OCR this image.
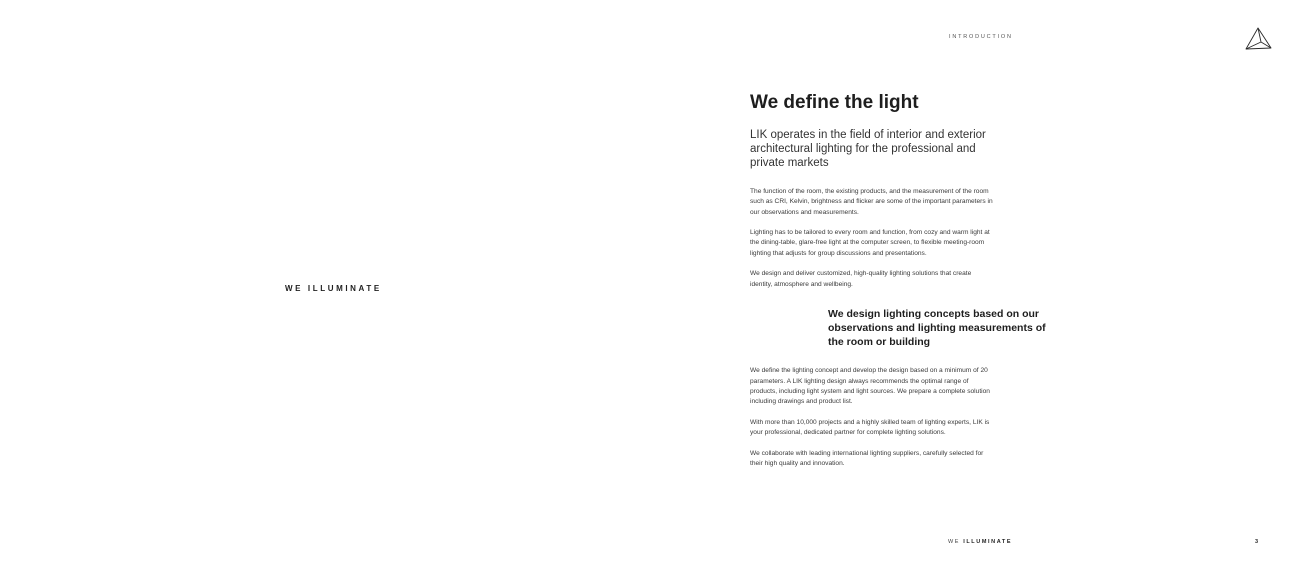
WE ILLUMINATE
INTRODUCTION
We define the light

LIK operates in the field of interior and exterior architectural lighting for the professional and private markets

The function of the room, the existing products, and the measurement of the room such as CRI, Kelvin, brightness and flicker are some of the important parameters in our observations and measurements.

Lighting has to be tailored to every room and function, from cozy and warm light at the dining-table, glare-free light at the computer screen, to flexible meeting-room lighting that adjusts for group discussions and presentations.

We design and deliver customized, high-quality lighting solutions that create identity, atmosphere and wellbeing.

We design lighting concepts based on our observations and lighting measurements of the room or building

We define the lighting concept and develop the design based on a minimum of 20 parameters. A LIK lighting design always recommends the optimal range of products, including light system and light sources. We prepare a complete solution including drawings and product list.

With more than 10,000 projects and a highly skilled team of lighting experts, LIK is your professional, dedicated partner for complete lighting solutions.

We collaborate with leading international lighting suppliers, carefully selected for their high quality and innovation.

WE ILLUMINATE	3
